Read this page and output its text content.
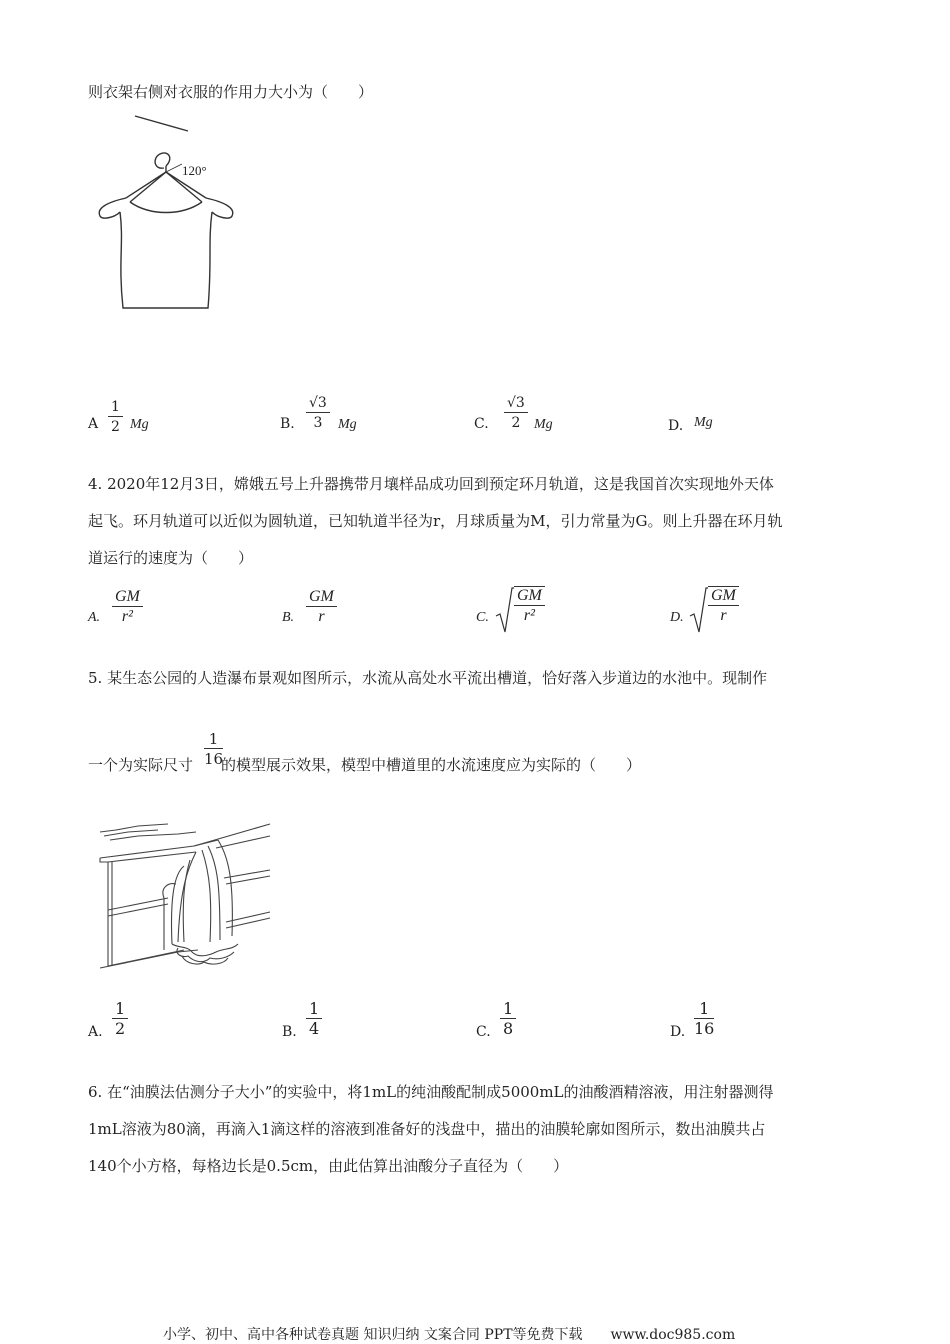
则衣架右侧对衣服的作用力大小为（　　）
120°
A $\frac{1}{2}$ Mg	B. $\frac{√3}{3}$ Mg	C. $\frac{√3}{2}$ Mg	D. Mg
4. 2020年12月3日，嫦娥五号上升器携带月壤样品成功回到预定环月轨道，这是我国首次实现地外天体
起飞。环月轨道可以近似为圆轨道，已知轨道半径为r，月球质量为M，引力常量为G。则上升器在环月轨
道运行的速度为（　　）
A. $\frac{GM}{\text{r²}}$	B. $\frac{GM}{r}$	C. $\frac{GM}{\text{r²}}$	D. $\frac{GM}{r}$
5. 某生态公园的人造瀑布景观如图所示，水流从高处水平流出槽道，恰好落入步道边的水池中。现制作
一个为实际尺寸 的模型展示效果，模型中槽道里的水流速度应为实际的（　　）
$\frac{1}{16}$
A. $\frac{1}{2}$	B. $\frac{1}{4}$	C. $\frac{1}{8}$	D. $\frac{1}{16}$
6. 在“油膜法估测分子大小”的实验中，将1mL的纯油酸配制成5000mL的油酸酒精溶液，用注射器测得
1mL溶液为80滴，再滴入1滴这样的溶液到准备好的浅盘中，描出的油膜轮廓如图所示，数出油膜共占
140个小方格，每格边长是0.5cm，由此估算出油酸分子直径为（　　）
小学、初中、高中各种试卷真题 知识归纳 文案合同 PPT等免费下载　　www.doc985.com
